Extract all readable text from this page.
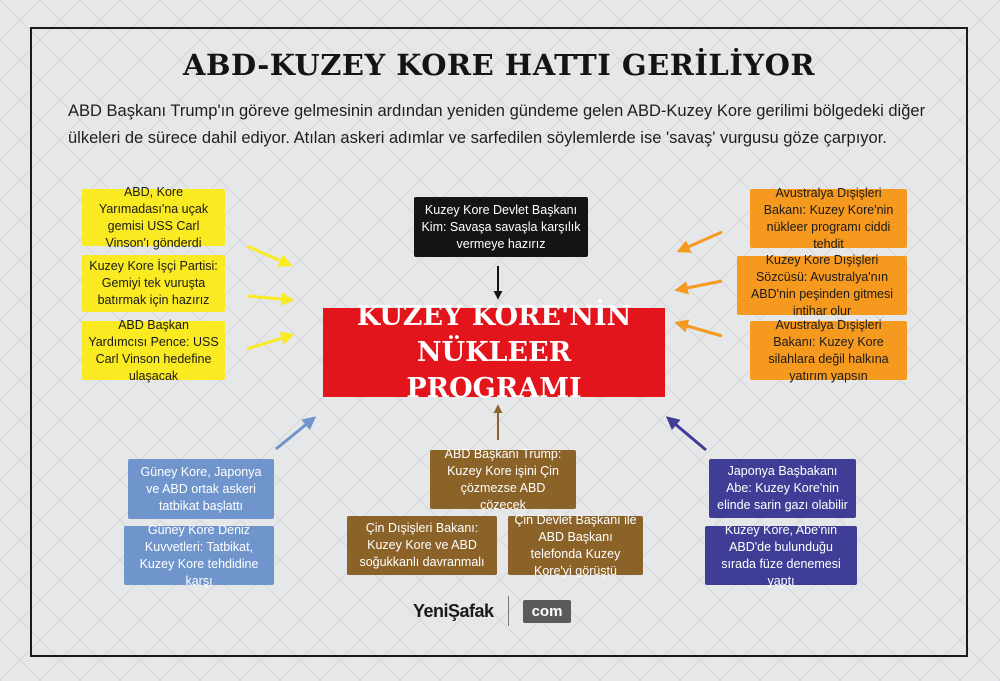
ABD-KUZEY KORE HATTI GERİLİYOR

ABD Başkanı Trump'ın göreve gelmesinin ardından yeniden gündeme gelen ABD-Kuzey Kore gerilimi bölgedeki diğer ülkeleri de sürece dahil ediyor. Atılan askeri adımlar ve sarfedilen söylemlerde ise 'savaş' vurgusu göze çarpıyor.

Kuzey Kore Devlet Başkanı Kim: Savaşa savaşla karşılık vermeye hazırız
ABD, Kore Yarımadası'na uçak gemisi USS Carl Vinson'ı gönderdi
Kuzey Kore İşçi Partisi: Gemiyi tek vuruşta batırmak için hazırız
ABD Başkan Yardımcısı Pence: USS Carl Vinson hedefine ulaşacak
Avustralya Dışişleri Bakanı: Kuzey Kore'nin nükleer programı ciddi tehdit
Kuzey Kore Dışişleri Sözcüsü: Avustralya'nın ABD'nin peşinden gitmesi intihar olur
Avustralya Dışişleri Bakanı: Kuzey Kore silahlara değil halkına yatırım yapsın
KUZEY KORE'NİN
NÜKLEER PROGRAMI
Güney Kore, Japonya ve ABD ortak askeri tatbikat başlattı
Güney Kore Deniz Kuvvetleri: Tatbikat, Kuzey Kore tehdidine karşı
ABD Başkanı Trump: Kuzey Kore işini Çin çözmezse ABD çözecek
Çin Dışişleri Bakanı: Kuzey Kore ve ABD soğukkanlı davranmalı
Çin Devlet Başkanı ile ABD Başkanı telefonda Kuzey Kore'yi görüştü
Japonya Başbakanı Abe: Kuzey Kore'nin elinde sarin gazı olabilir
Kuzey Kore, Abe'nin ABD'de bulunduğu sırada füze denemesi yaptı
YeniŞafak	com
